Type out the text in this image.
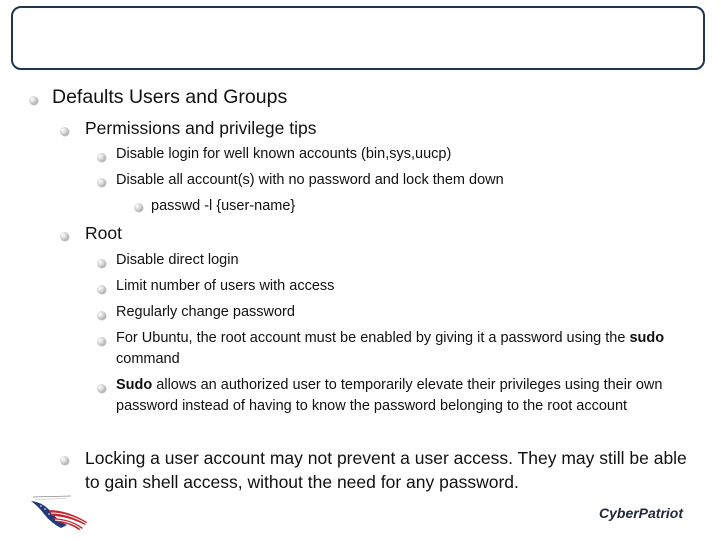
Defaults Users and Groups
Permissions and privilege tips
Disable login for well known accounts (bin,sys,uucp)
Disable all account(s) with no password and lock them down
passwd -l {user-name}
Root
Disable direct login
Limit number of users with access
Regularly change password
For Ubuntu, the root account must be enabled by giving it a password using the sudo command
Sudo allows an authorized user to temporarily elevate their privileges using their own password instead of having to know the password belonging to the root account
Locking a user account may not prevent a user access. They may still be able to gain shell access, without the need for any password.
CyberPatriot
